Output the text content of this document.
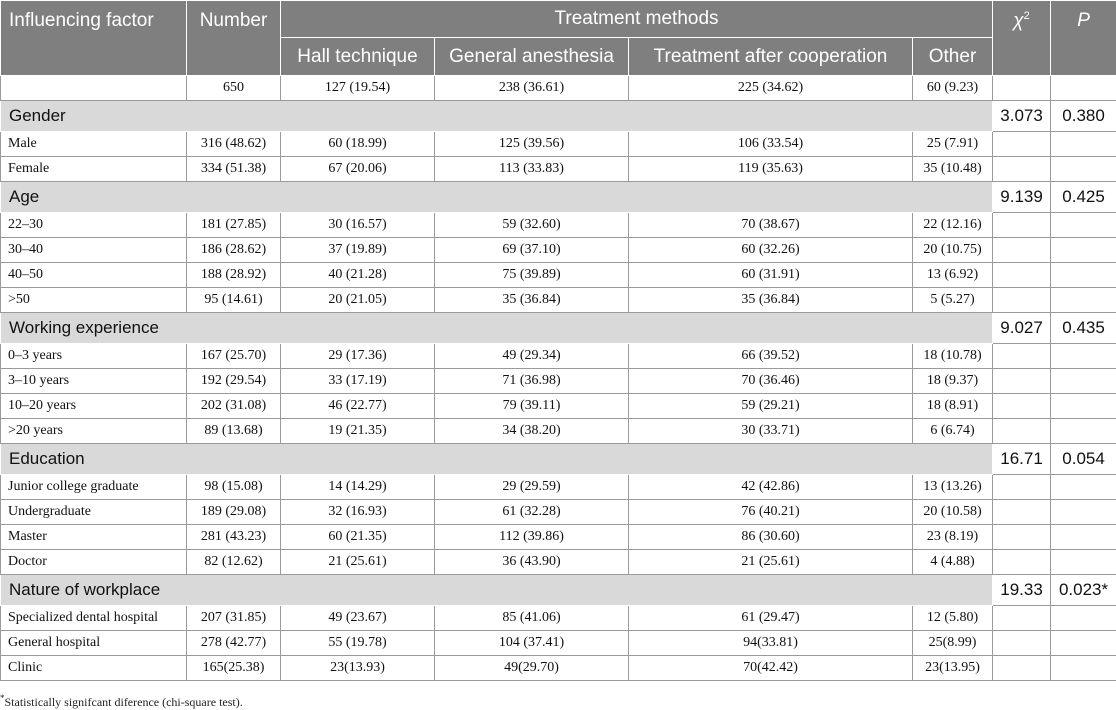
Influencing factor	Number	Treatment methods				$\chi^2$	P
		Hall technique	General anesthesia	Treatment after cooperation	Other		
	650	127 (19.54)	238 (36.61)	225 (34.62)	60 (9.23)		
Gender						3.073	0.380
Male	316 (48.62)	60 (18.99)	125 (39.56)	106 (33.54)	25 (7.91)		
Female	334 (51.38)	67 (20.06)	113 (33.83)	119 (35.63)	35 (10.48)		
Age						9.139	0.425
22–30	181 (27.85)	30 (16.57)	59 (32.60)	70 (38.67)	22 (12.16)		
30–40	186 (28.62)	37 (19.89)	69 (37.10)	60 (32.26)	20 (10.75)		
40–50	188 (28.92)	40 (21.28)	75 (39.89)	60 (31.91)	13 (6.92)		
>50	95 (14.61)	20 (21.05)	35 (36.84)	35 (36.84)	5 (5.27)		
Working experience						9.027	0.435
0–3 years	167 (25.70)	29 (17.36)	49 (29.34)	66 (39.52)	18 (10.78)		
3–10 years	192 (29.54)	33 (17.19)	71 (36.98)	70 (36.46)	18 (9.37)		
10–20 years	202 (31.08)	46 (22.77)	79 (39.11)	59 (29.21)	18 (8.91)		
>20 years	89 (13.68)	19 (21.35)	34 (38.20)	30 (33.71)	6 (6.74)		
Education						16.71	0.054
Junior college graduate	98 (15.08)	14 (14.29)	29 (29.59)	42 (42.86)	13 (13.26)		
Undergraduate	189 (29.08)	32 (16.93)	61 (32.28)	76 (40.21)	20 (10.58)		
Master	281 (43.23)	60 (21.35)	112 (39.86)	86 (30.60)	23 (8.19)		
Doctor	82 (12.62)	21 (25.61)	36 (43.90)	21 (25.61)	4 (4.88)		
Nature of workplace						19.33	0.023*
Specialized dental hospital	207 (31.85)	49 (23.67)	85 (41.06)	61 (29.47)	12 (5.80)		
General hospital	278 (42.77)	55 (19.78)	104 (37.41)	94(33.81)	25(8.99)		
Clinic	165(25.38)	23(13.93)	49(29.70)	70(42.42)	23(13.95)		
*Statistically signifcant diference (chi-square test).
